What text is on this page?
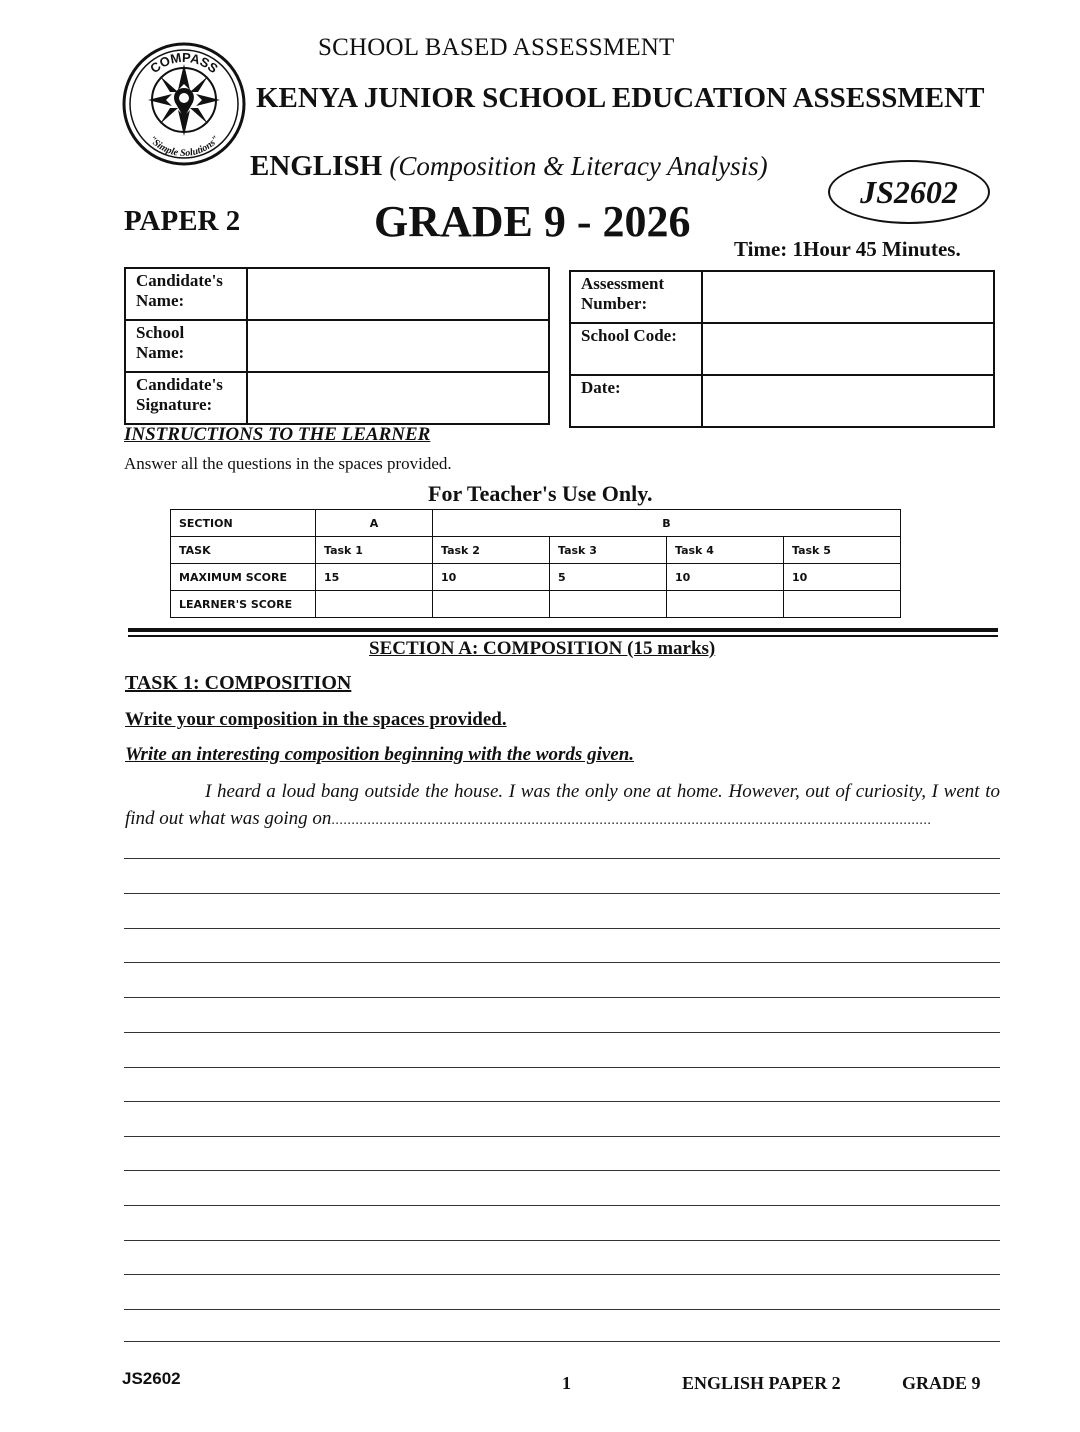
COMPASS
"Simple Solutions"
SCHOOL BASED ASSESSMENT
KENYA JUNIOR SCHOOL EDUCATION ASSESSMENT
ENGLISH (Composition & Literacy Analysis)
JS2602
PAPER 2	GRADE 9 - 2026
Time: 1Hour 45 Minutes.
Candidate's Name:	
School Name:	
Candidate's Signature:	
Assessment Number:	
School Code:	
Date:	
INSTRUCTIONS TO THE LEARNER
Answer all the questions in the spaces provided.
For Teacher's Use Only.
SECTION	A	B			
TASK	Task 1	Task 2	Task 3	Task 4	Task 5
MAXIMUM SCORE	15	10	5	10	10
LEARNER'S SCORE					
SECTION A: COMPOSITION (15 marks)
TASK 1: COMPOSITION
Write your composition in the spaces provided.
Write an interesting composition beginning with the words given.
I heard a loud bang outside the house. I was the only one at home. However, out of curiosity, I went to find out what was going on......................................................................................................................................................
JS2602	1	ENGLISH PAPER 2	GRADE 9
